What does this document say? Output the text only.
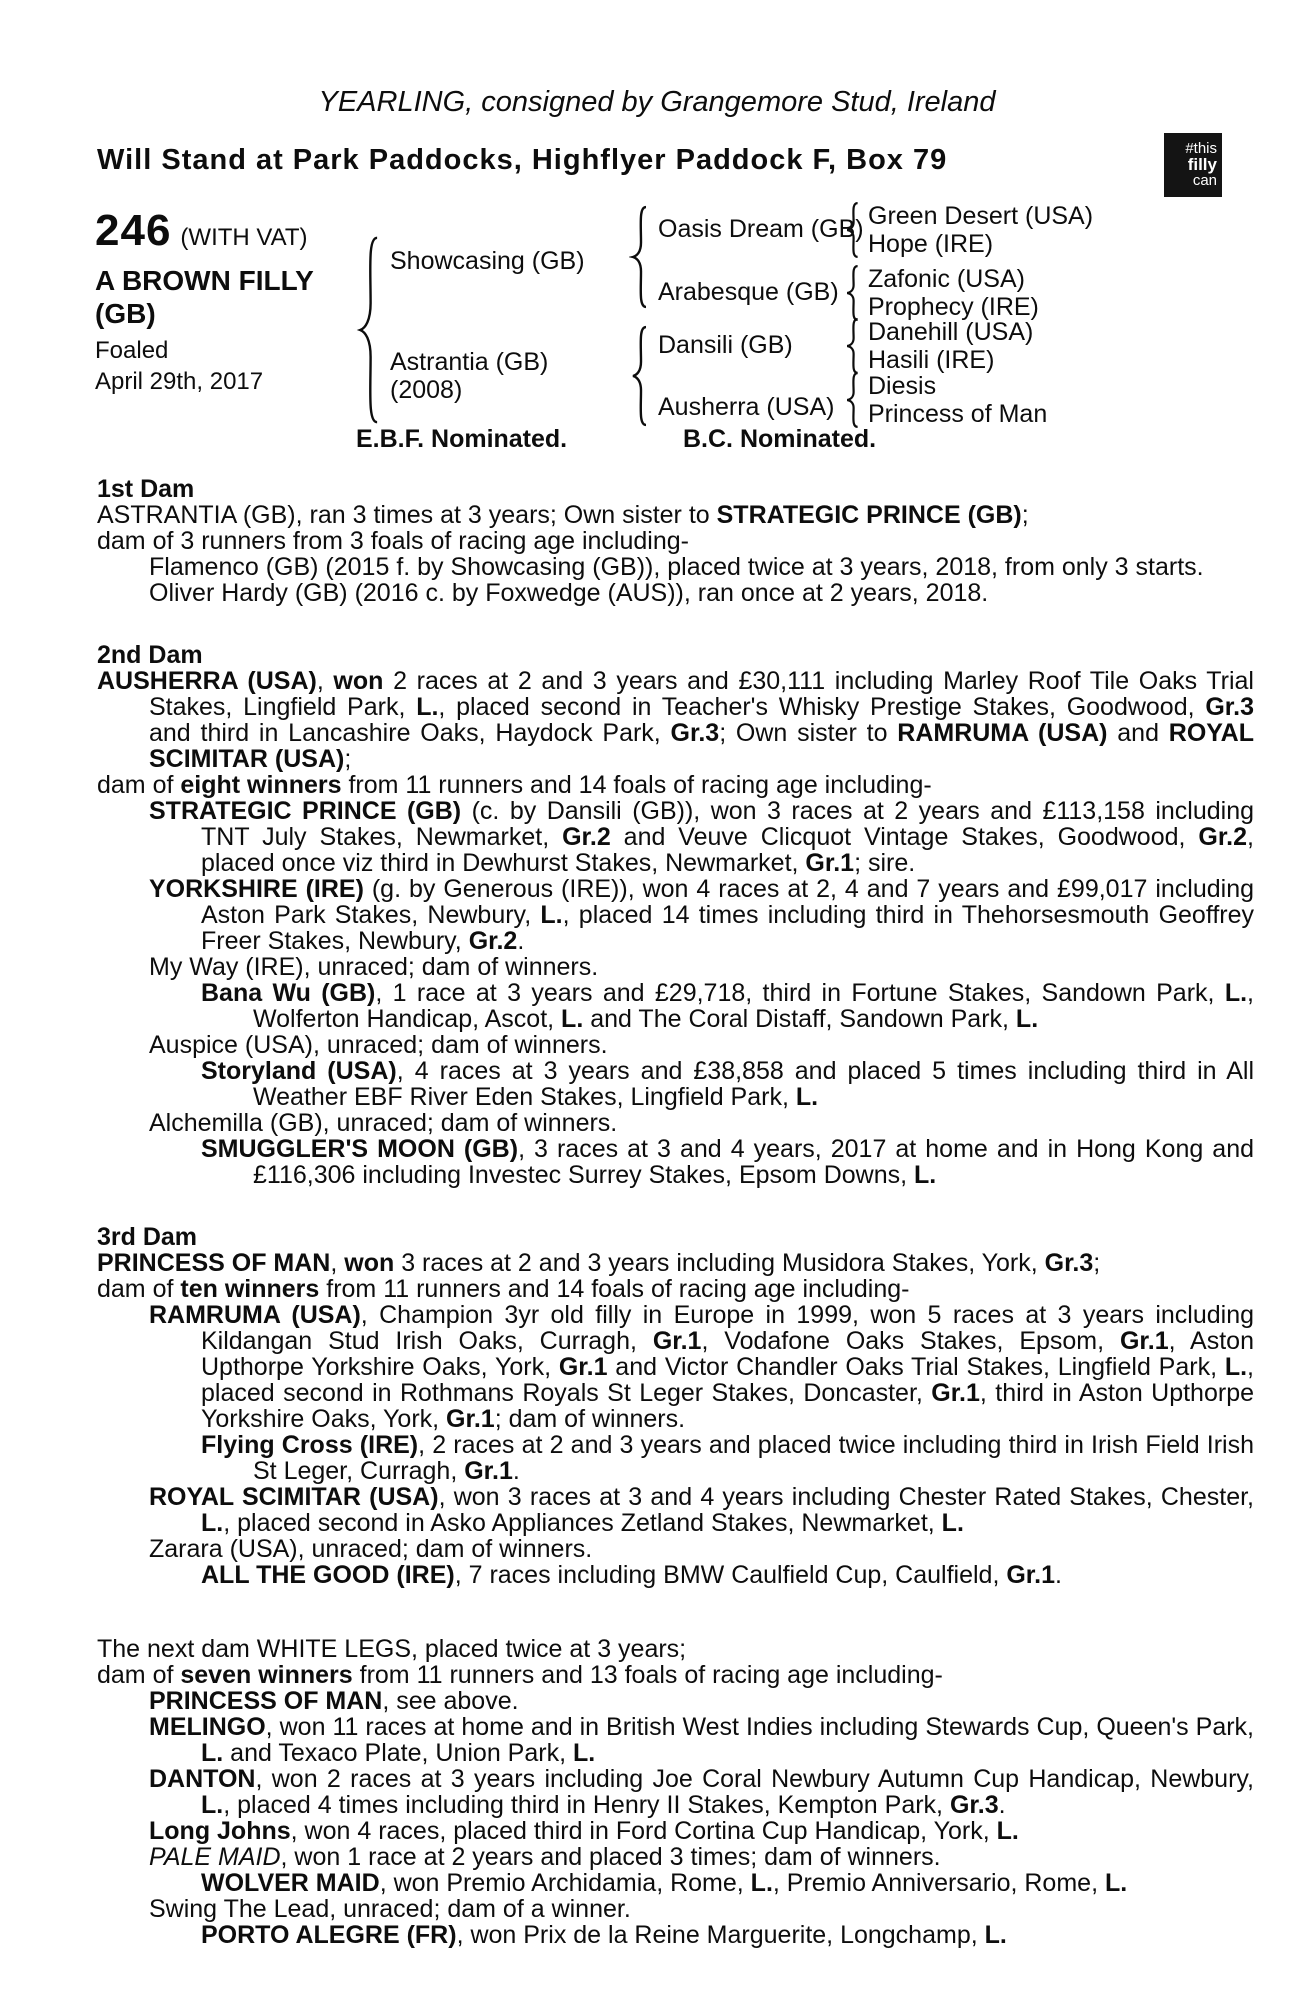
YEARLING, consigned by Grangemore Stud, Ireland
Will Stand at Park Paddocks, Highflyer Paddock F, Box 79	#this
filly
can
246 (WITH VAT)
A BROWN FILLY
(GB)
Foaled
April 29th, 2017
Showcasing (GB)
Astrantia (GB)
(2008)
Oasis Dream (GB)
Arabesque (GB)
Dansili (GB)
Ausherra (USA)
Green Desert (USA)
Hope (IRE)
Zafonic (USA)
Prophecy (IRE)
Danehill (USA)
Hasili (IRE)
Diesis
Princess of Man
E.B.F. Nominated.	B.C. Nominated.
1st Dam

ASTRANTIA (GB), ran 3 times at 3 years; Own sister to STRATEGIC PRINCE (GB);

dam of 3 runners from 3 foals of racing age including-

Flamenco (GB) (2015 f. by Showcasing (GB)), placed twice at 3 years, 2018, from only 3 starts.

Oliver Hardy (GB) (2016 c. by Foxwedge (AUS)), ran once at 2 years, 2018.

2nd Dam

AUSHERRA (USA), won 2 races at 2 and 3 years and £30,111 including Marley Roof Tile Oaks Trial Stakes, Lingfield Park, L., placed second in Teacher's Whisky Prestige Stakes, Goodwood, Gr.3 and third in Lancashire Oaks, Haydock Park, Gr.3; Own sister to RAMRUMA (USA) and ROYAL SCIMITAR (USA);

dam of eight winners from 11 runners and 14 foals of racing age including-

STRATEGIC PRINCE (GB) (c. by Dansili (GB)), won 3 races at 2 years and £113,158 including TNT July Stakes, Newmarket, Gr.2 and Veuve Clicquot Vintage Stakes, Goodwood, Gr.2, placed once viz third in Dewhurst Stakes, Newmarket, Gr.1; sire.

YORKSHIRE (IRE) (g. by Generous (IRE)), won 4 races at 2, 4 and 7 years and £99,017 including Aston Park Stakes, Newbury, L., placed 14 times including third in Thehorsesmouth Geoffrey Freer Stakes, Newbury, Gr.2.

My Way (IRE), unraced; dam of winners.

Bana Wu (GB), 1 race at 3 years and £29,718, third in Fortune Stakes, Sandown Park, L., Wolferton Handicap, Ascot, L. and The Coral Distaff, Sandown Park, L.

Auspice (USA), unraced; dam of winners.

Storyland (USA), 4 races at 3 years and £38,858 and placed 5 times including third in All Weather EBF River Eden Stakes, Lingfield Park, L.

Alchemilla (GB), unraced; dam of winners.

SMUGGLER'S MOON (GB), 3 races at 3 and 4 years, 2017 at home and in Hong Kong and £116,306 including Investec Surrey Stakes, Epsom Downs, L.

3rd Dam

PRINCESS OF MAN, won 3 races at 2 and 3 years including Musidora Stakes, York, Gr.3;

dam of ten winners from 11 runners and 14 foals of racing age including-

RAMRUMA (USA), Champion 3yr old filly in Europe in 1999, won 5 races at 3 years including Kildangan Stud Irish Oaks, Curragh, Gr.1, Vodafone Oaks Stakes, Epsom, Gr.1, Aston Upthorpe Yorkshire Oaks, York, Gr.1 and Victor Chandler Oaks Trial Stakes, Lingfield Park, L., placed second in Rothmans Royals St Leger Stakes, Doncaster, Gr.1, third in Aston Upthorpe Yorkshire Oaks, York, Gr.1; dam of winners.

Flying Cross (IRE), 2 races at 2 and 3 years and placed twice including third in Irish Field Irish St Leger, Curragh, Gr.1.

ROYAL SCIMITAR (USA), won 3 races at 3 and 4 years including Chester Rated Stakes, Chester, L., placed second in Asko Appliances Zetland Stakes, Newmarket, L.

Zarara (USA), unraced; dam of winners.

ALL THE GOOD (IRE), 7 races including BMW Caulfield Cup, Caulfield, Gr.1.

The next dam WHITE LEGS, placed twice at 3 years;

dam of seven winners from 11 runners and 13 foals of racing age including-

PRINCESS OF MAN, see above.

MELINGO, won 11 races at home and in British West Indies including Stewards Cup, Queen's Park, L. and Texaco Plate, Union Park, L.

DANTON, won 2 races at 3 years including Joe Coral Newbury Autumn Cup Handicap, Newbury, L., placed 4 times including third in Henry II Stakes, Kempton Park, Gr.3.

Long Johns, won 4 races, placed third in Ford Cortina Cup Handicap, York, L.

PALE MAID, won 1 race at 2 years and placed 3 times; dam of winners.

WOLVER MAID, won Premio Archidamia, Rome, L., Premio Anniversario, Rome, L.

Swing The Lead, unraced; dam of a winner.

PORTO ALEGRE (FR), won Prix de la Reine Marguerite, Longchamp, L.
